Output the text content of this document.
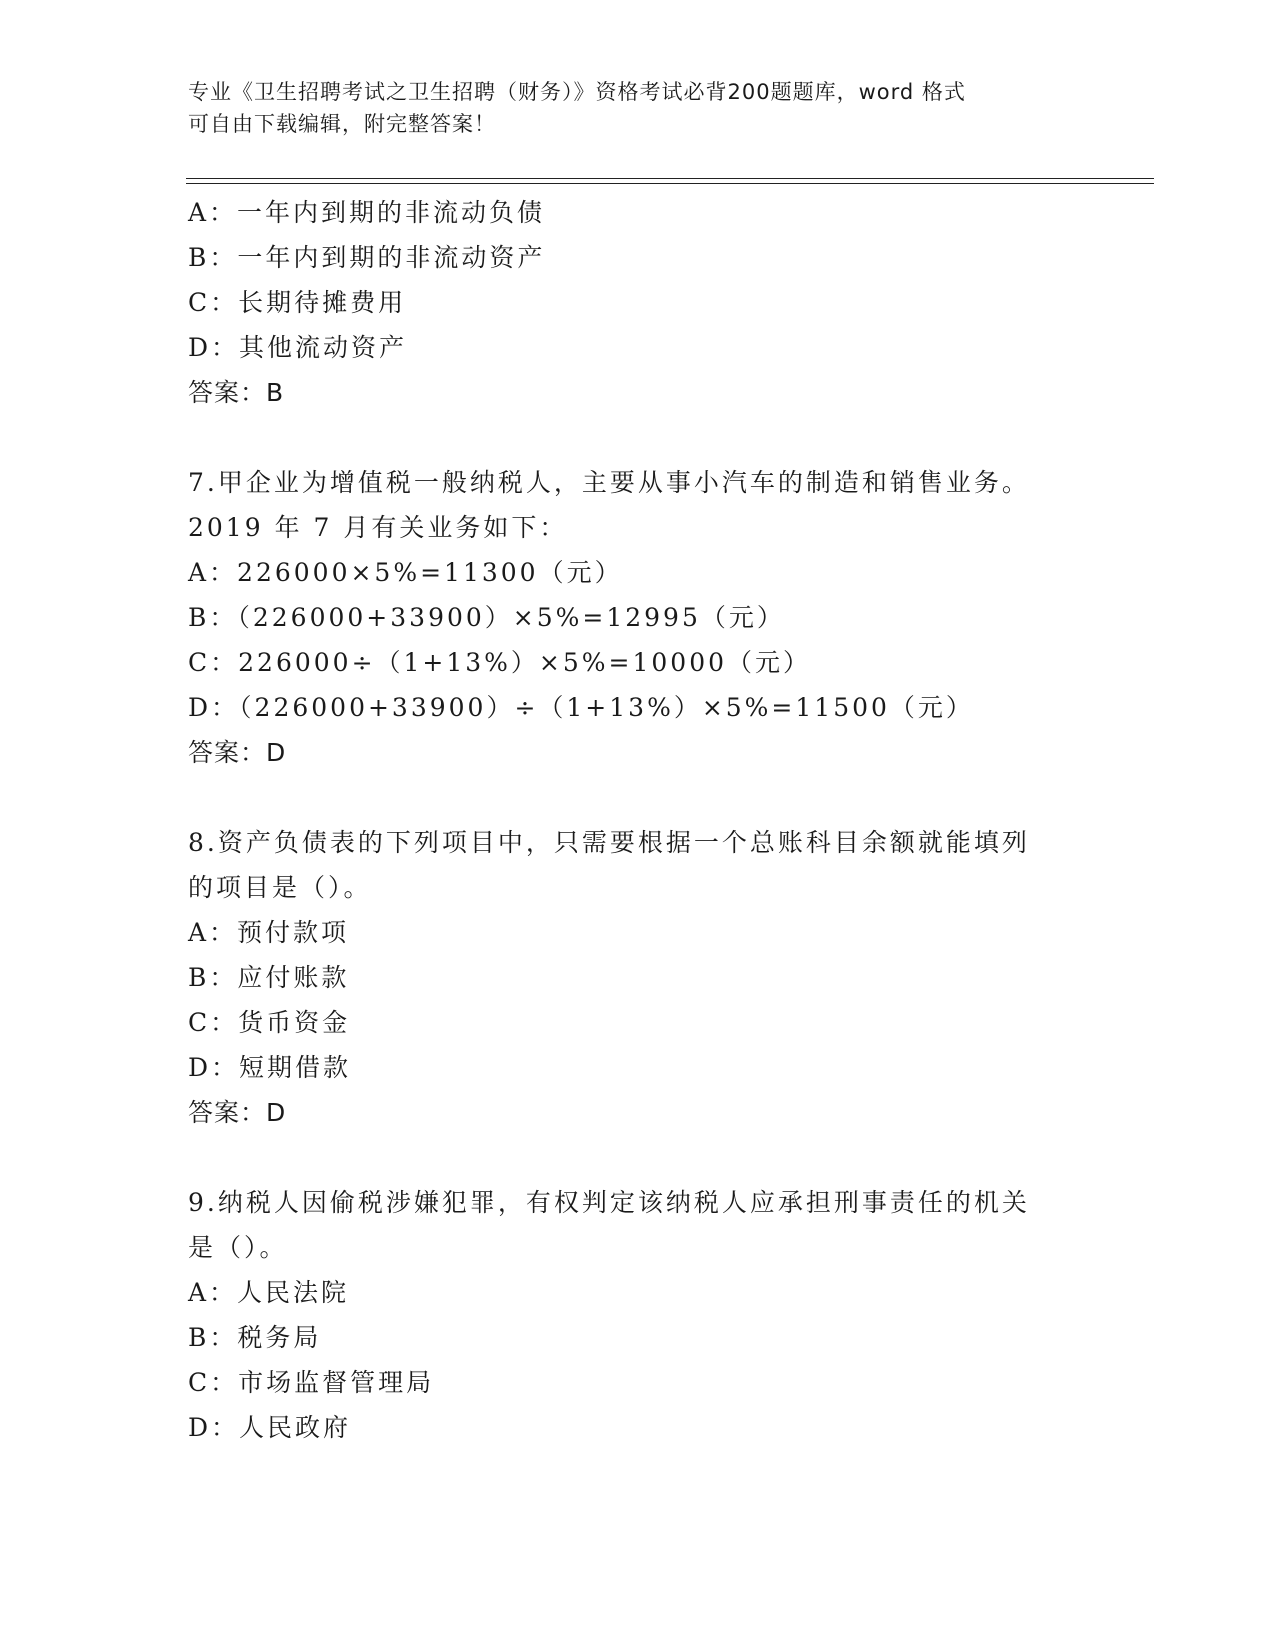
专业《卫生招聘考试之卫生招聘（财务）》资格考试必背200题题库，word 格式
可自由下载编辑，附完整答案！
A：一年内到期的非流动负债
B：一年内到期的非流动资产
C：长期待摊费用
D：其他流动资产
答案：B
7.甲企业为增值税一般纳税人，主要从事小汽车的制造和销售业务。
2019 年 7 月有关业务如下：
A：226000×5%=11300（元）
B：（226000+33900）×5%=12995（元）
C：226000÷（1+13%）×5%=10000（元）
D：（226000+33900）÷（1+13%）×5%=11500（元）
答案：D
8.资产负债表的下列项目中，只需要根据一个总账科目余额就能填列
的项目是（）。
A：预付款项
B：应付账款
C：货币资金
D：短期借款
答案：D
9.纳税人因偷税涉嫌犯罪，有权判定该纳税人应承担刑事责任的机关
是（）。
A：人民法院
B：税务局
C：市场监督管理局
D：人民政府
